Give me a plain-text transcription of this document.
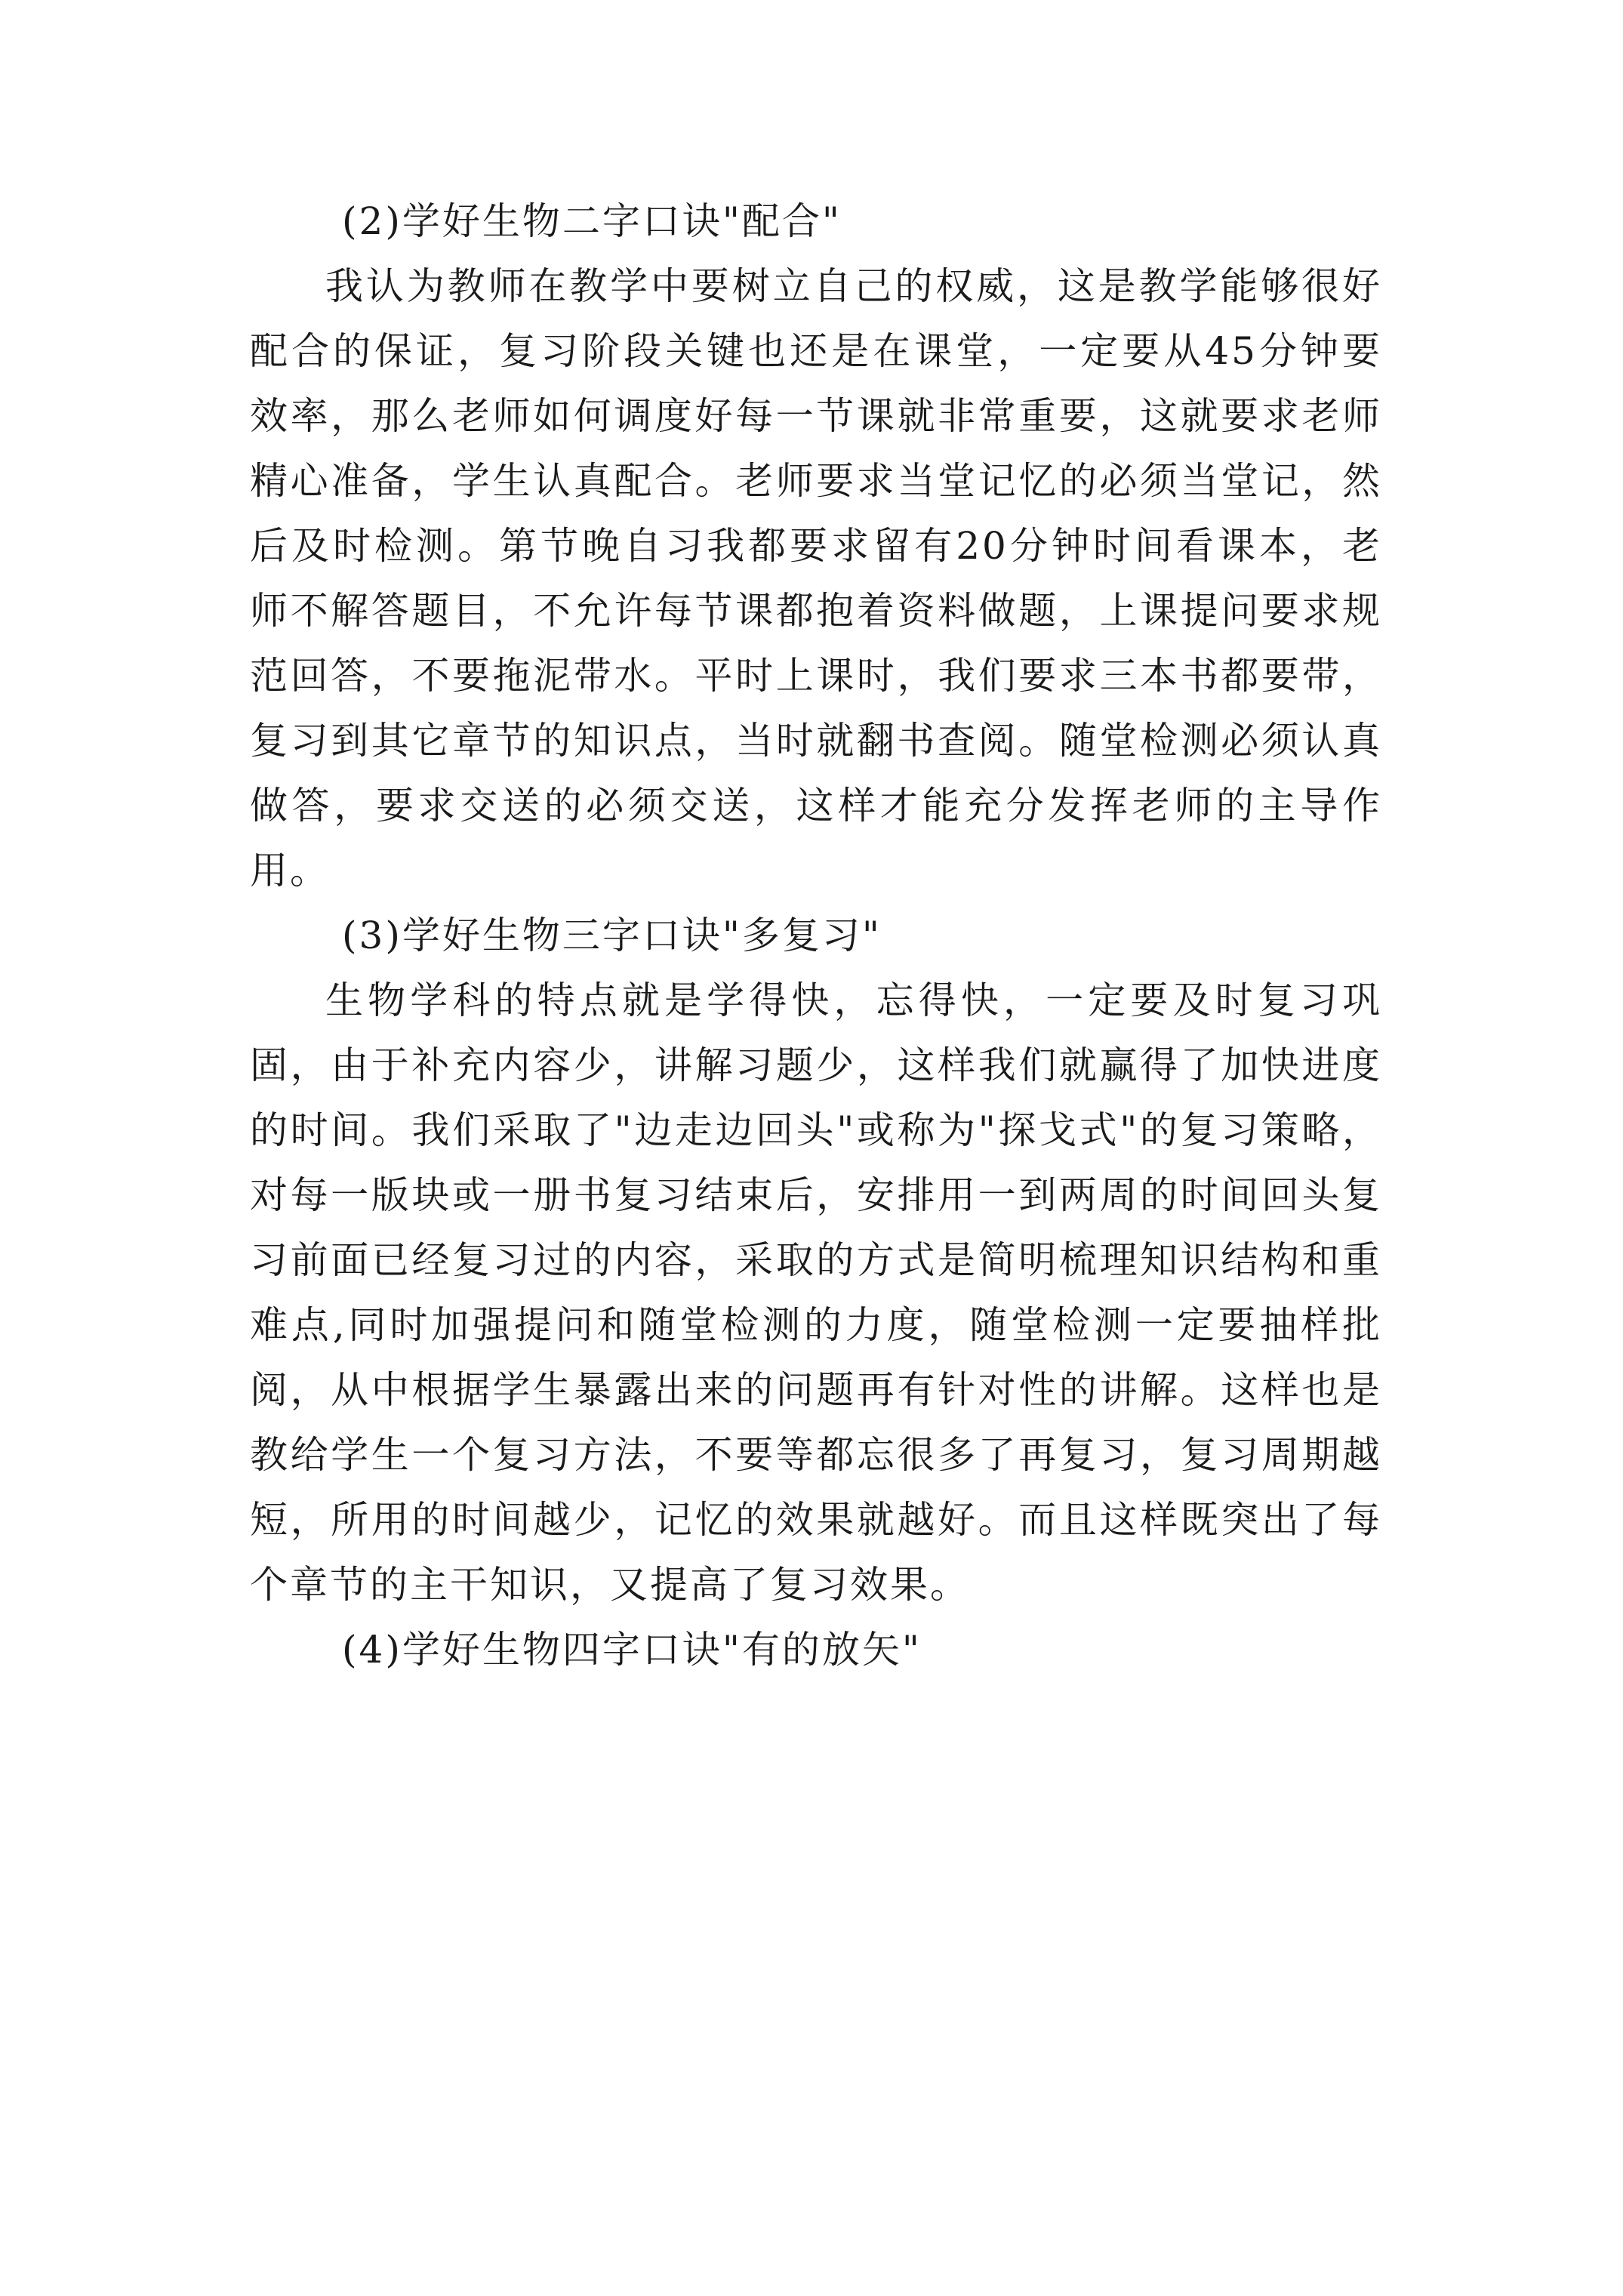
(2)学好生物二字口诀"配合"

我认为教师在教学中要树立自己的权威，这是教学能够很好配合的保证，复习阶段关键也还是在课堂，一定要从45分钟要效率，那么老师如何调度好每一节课就非常重要，这就要求老师精心准备，学生认真配合。老师要求当堂记忆的必须当堂记，然后及时检测。第节晚自习我都要求留有20分钟时间看课本，老师不解答题目，不允许每节课都抱着资料做题，上课提问要求规范回答，不要拖泥带水。平时上课时，我们要求三本书都要带，复习到其它章节的知识点，当时就翻书查阅。随堂检测必须认真做答，要求交送的必须交送，这样才能充分发挥老师的主导作用。

(3)学好生物三字口诀"多复习"

生物学科的特点就是学得快，忘得快，一定要及时复习巩固，由于补充内容少，讲解习题少，这样我们就赢得了加快进度的时间。我们采取了"边走边回头"或称为"探戈式"的复习策略，对每一版块或一册书复习结束后，安排用一到两周的时间回头复习前面已经复习过的内容，采取的方式是简明梳理知识结构和重难点,同时加强提问和随堂检测的力度，随堂检测一定要抽样批阅，从中根据学生暴露出来的问题再有针对性的讲解。这样也是教给学生一个复习方法，不要等都忘很多了再复习，复习周期越短，所用的时间越少，记忆的效果就越好。而且这样既突出了每个章节的主干知识，又提高了复习效果。

(4)学好生物四字口诀"有的放矢"
